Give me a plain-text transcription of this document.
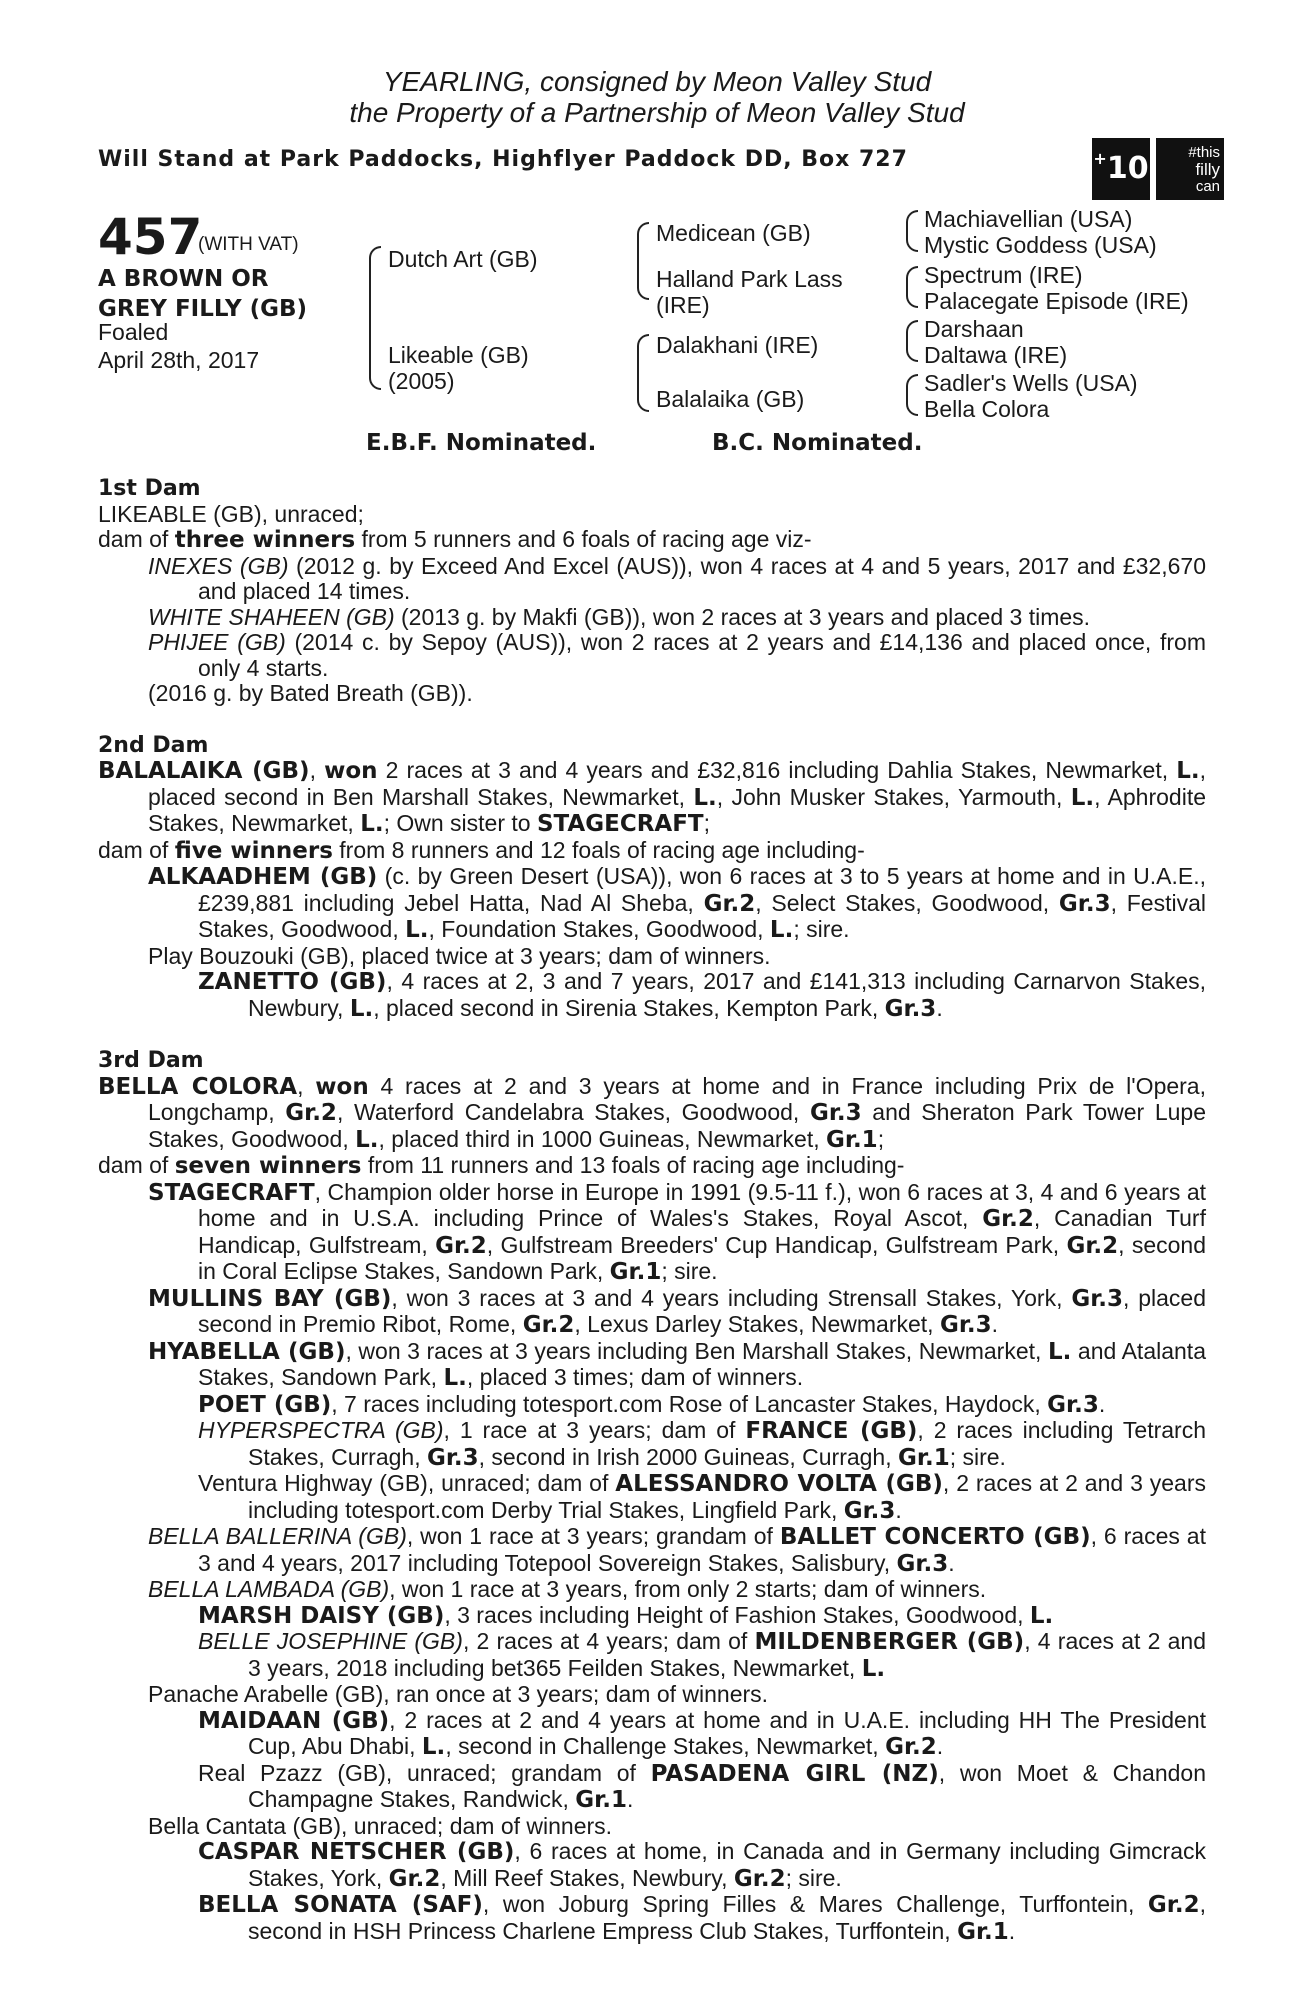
YEARLING, consigned by Meon Valley Stud
the Property of a Partnership of Meon Valley Stud
Will Stand at Park Paddocks, Highflyer Paddock DD, Box 727	+10	#this
filly
can
457
(WITH VAT)
A BROWN OR
GREY FILLY (GB)
Foaled
April 28th, 2017
Dutch Art (GB)
Likeable (GB)
(2005)
Medicean (GB)
Halland Park Lass
(IRE)
Dalakhani (IRE)
Balalaika (GB)
Machiavellian (USA)
Mystic Goddess (USA)
Spectrum (IRE)
Palacegate Episode (IRE)
Darshaan
Daltawa (IRE)
Sadler's Wells (USA)
Bella Colora
E.B.F. Nominated.	B.C. Nominated.
1st Dam

LIKEABLE (GB), unraced;

dam of three winners from 5 runners and 6 foals of racing age viz-

INEXES (GB) (2012 g. by Exceed And Excel (AUS)), won 4 races at 4 and 5 years, 2017 and £32,670 and placed 14 times.

WHITE SHAHEEN (GB) (2013 g. by Makfi (GB)), won 2 races at 3 years and placed 3 times.

PHIJEE (GB) (2014 c. by Sepoy (AUS)), won 2 races at 2 years and £14,136 and placed once, from only 4 starts.

(2016 g. by Bated Breath (GB)).

2nd Dam

BALALAIKA (GB), won 2 races at 3 and 4 years and £32,816 including Dahlia Stakes, Newmarket, L., placed second in Ben Marshall Stakes, Newmarket, L., John Musker Stakes, Yarmouth, L., Aphrodite Stakes, Newmarket, L.; Own sister to STAGECRAFT;

dam of five winners from 8 runners and 12 foals of racing age including-

ALKAADHEM (GB) (c. by Green Desert (USA)), won 6 races at 3 to 5 years at home and in U.A.E., £239,881 including Jebel Hatta, Nad Al Sheba, Gr.2, Select Stakes, Goodwood, Gr.3, Festival Stakes, Goodwood, L., Foundation Stakes, Goodwood, L.; sire.

Play Bouzouki (GB), placed twice at 3 years; dam of winners.

ZANETTO (GB), 4 races at 2, 3 and 7 years, 2017 and £141,313 including Carnarvon Stakes, Newbury, L., placed second in Sirenia Stakes, Kempton Park, Gr.3.

3rd Dam

BELLA COLORA, won 4 races at 2 and 3 years at home and in France including Prix de l'Opera, Longchamp, Gr.2, Waterford Candelabra Stakes, Goodwood, Gr.3 and Sheraton Park Tower Lupe Stakes, Goodwood, L., placed third in 1000 Guineas, Newmarket, Gr.1;

dam of seven winners from 11 runners and 13 foals of racing age including-

STAGECRAFT, Champion older horse in Europe in 1991 (9.5-11 f.), won 6 races at 3, 4 and 6 years at home and in U.S.A. including Prince of Wales's Stakes, Royal Ascot, Gr.2, Canadian Turf Handicap, Gulfstream, Gr.2, Gulfstream Breeders' Cup Handicap, Gulfstream Park, Gr.2, second in Coral Eclipse Stakes, Sandown Park, Gr.1; sire.

MULLINS BAY (GB), won 3 races at 3 and 4 years including Strensall Stakes, York, Gr.3, placed second in Premio Ribot, Rome, Gr.2, Lexus Darley Stakes, Newmarket, Gr.3.

HYABELLA (GB), won 3 races at 3 years including Ben Marshall Stakes, Newmarket, L. and Atalanta Stakes, Sandown Park, L., placed 3 times; dam of winners.

POET (GB), 7 races including totesport.com Rose of Lancaster Stakes, Haydock, Gr.3.

HYPERSPECTRA (GB), 1 race at 3 years; dam of FRANCE (GB), 2 races including Tetrarch Stakes, Curragh, Gr.3, second in Irish 2000 Guineas, Curragh, Gr.1; sire.

Ventura Highway (GB), unraced; dam of ALESSANDRO VOLTA (GB), 2 races at 2 and 3 years including totesport.com Derby Trial Stakes, Lingfield Park, Gr.3.

BELLA BALLERINA (GB), won 1 race at 3 years; grandam of BALLET CONCERTO (GB), 6 races at 3 and 4 years, 2017 including Totepool Sovereign Stakes, Salisbury, Gr.3.

BELLA LAMBADA (GB), won 1 race at 3 years, from only 2 starts; dam of winners.

MARSH DAISY (GB), 3 races including Height of Fashion Stakes, Goodwood, L.

BELLE JOSEPHINE (GB), 2 races at 4 years; dam of MILDENBERGER (GB), 4 races at 2 and 3 years, 2018 including bet365 Feilden Stakes, Newmarket, L.

Panache Arabelle (GB), ran once at 3 years; dam of winners.

MAIDAAN (GB), 2 races at 2 and 4 years at home and in U.A.E. including HH The President Cup, Abu Dhabi, L., second in Challenge Stakes, Newmarket, Gr.2.

Real Pzazz (GB), unraced; grandam of PASADENA GIRL (NZ), won Moet & Chandon Champagne Stakes, Randwick, Gr.1.

Bella Cantata (GB), unraced; dam of winners.

CASPAR NETSCHER (GB), 6 races at home, in Canada and in Germany including Gimcrack Stakes, York, Gr.2, Mill Reef Stakes, Newbury, Gr.2; sire.

BELLA SONATA (SAF), won Joburg Spring Filles & Mares Challenge, Turffontein, Gr.2, second in HSH Princess Charlene Empress Club Stakes, Turffontein, Gr.1.
